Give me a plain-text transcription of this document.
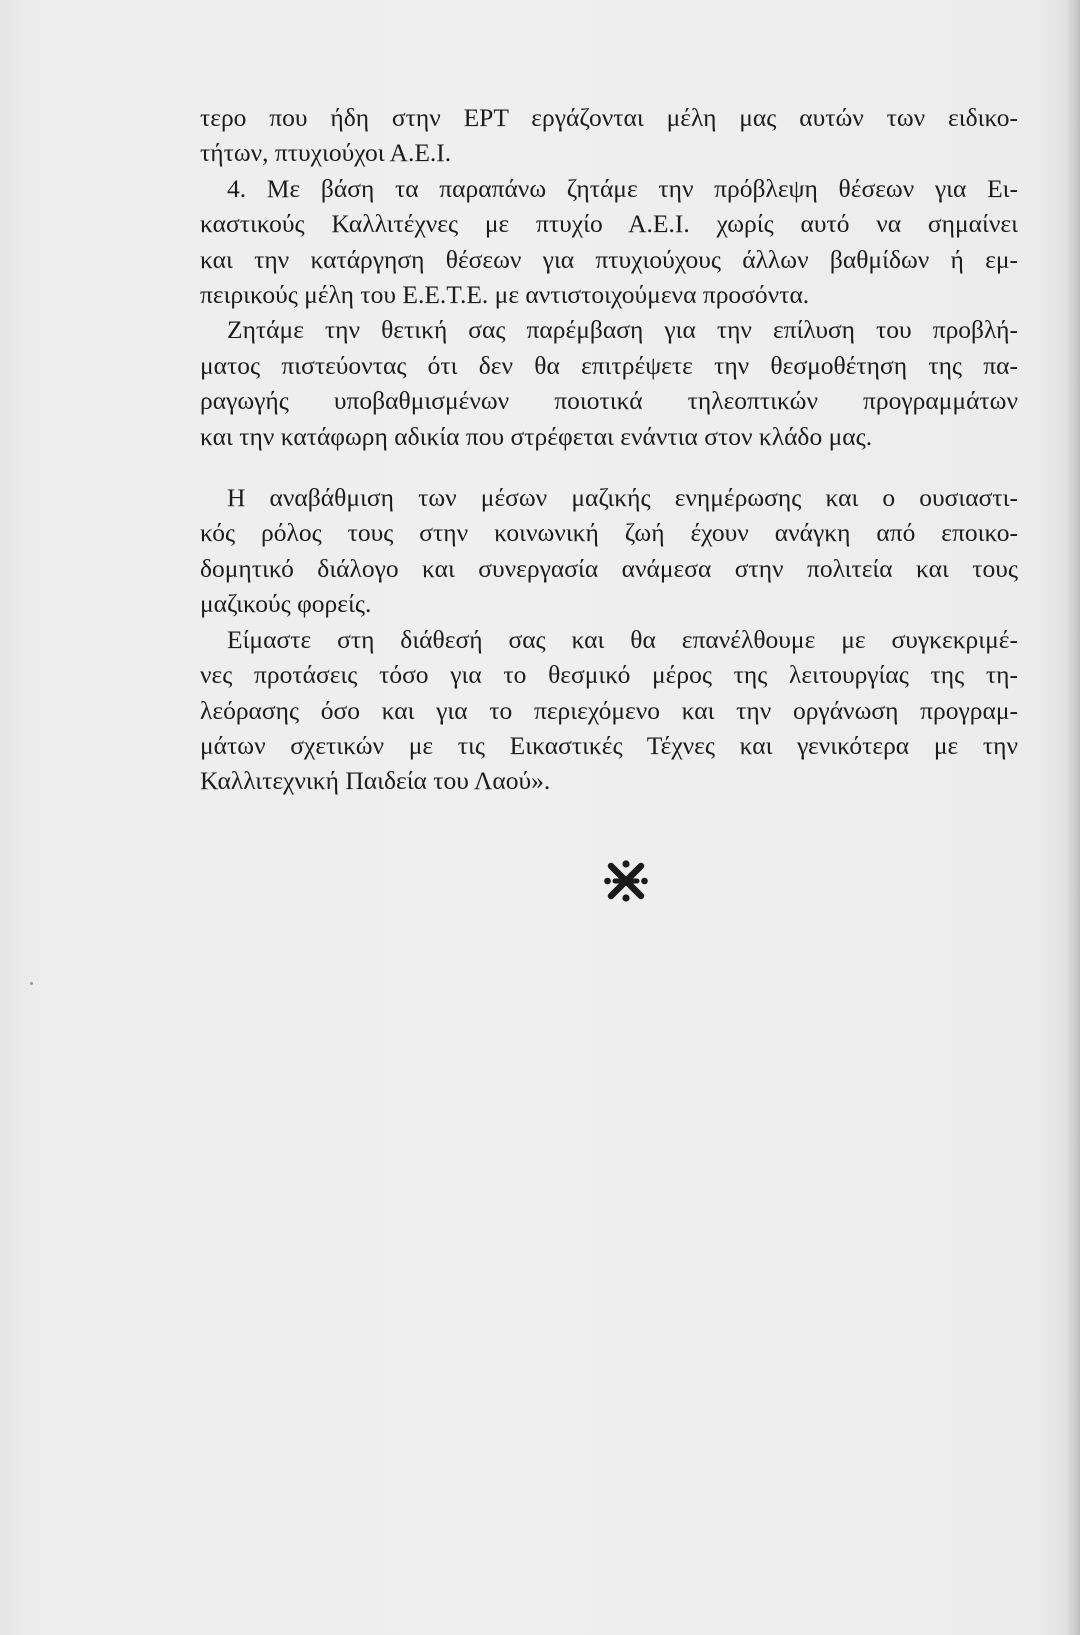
τερο που ήδη στην ΕΡΤ εργάζονται μέλη μας αυτών των ειδικο-
τήτων, πτυχιούχοι Α.Ε.Ι.
4. Με βάση τα παραπάνω ζητάμε την πρόβλεψη θέσεων για Ει-
καστικούς Καλλιτέχνες με πτυχίο Α.Ε.Ι. χωρίς αυτό να σημαίνει
και την κατάργηση θέσεων για πτυχιούχους άλλων βαθμίδων ή εμ-
πειρικούς μέλη του Ε.Ε.Τ.Ε. με αντιστοιχούμενα προσόντα.
Ζητάμε την θετική σας παρέμβαση για την επίλυση του προβλή-
ματος πιστεύοντας ότι δεν θα επιτρέψετε την θεσμοθέτηση της πα-
ραγωγής υποβαθμισμένων ποιοτικά τηλεοπτικών προγραμμάτων
και την κατάφωρη αδικία που στρέφεται ενάντια στον κλάδο μας.
Η αναβάθμιση των μέσων μαζικής ενημέρωσης και ο ουσιαστι-
κός ρόλος τους στην κοινωνική ζωή έχουν ανάγκη από εποικο-
δομητικό διάλογο και συνεργασία ανάμεσα στην πολιτεία και τους
μαζικούς φορείς.
Είμαστε στη διάθεσή σας και θα επανέλθουμε με συγκεκριμέ-
νες προτάσεις τόσο για το θεσμικό μέρος της λειτουργίας της τη-
λεόρασης όσο και για το περιεχόμενο και την οργάνωση προγραμ-
μάτων σχετικών με τις Εικαστικές Τέχνες και γενικότερα με την
Καλλιτεχνική Παιδεία του Λαού».
